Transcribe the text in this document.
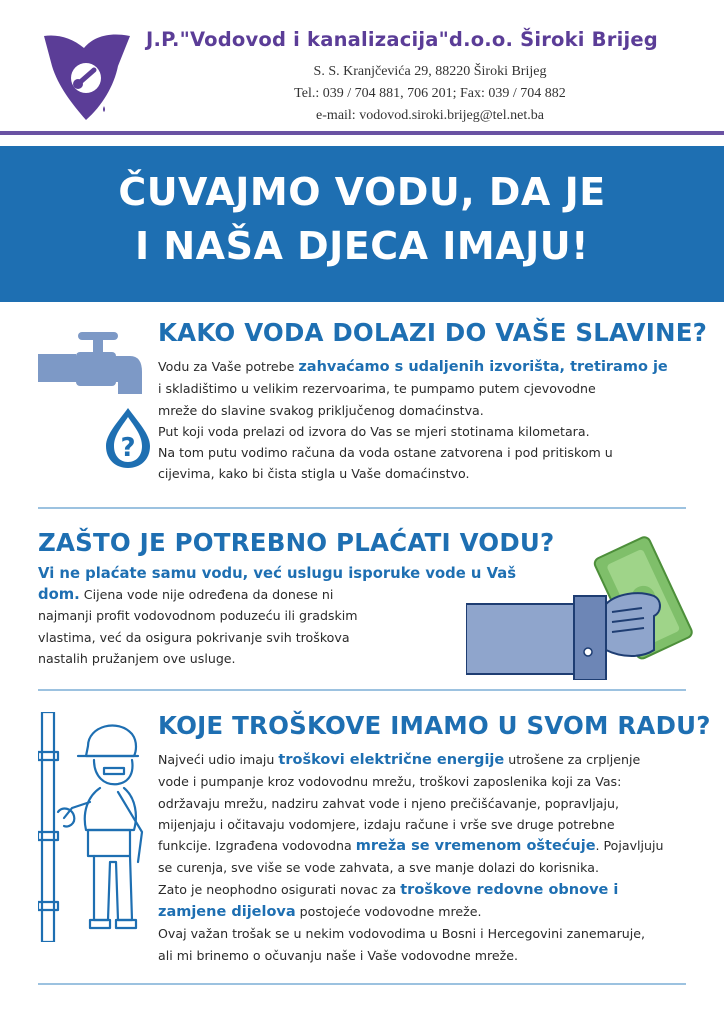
J.P."Vodovod i kanalizacija"d.o.o. Široki Brijeg
S. S. Kranjčevića 29, 88220 Široki Brijeg
Tel.: 039 / 704 881, 706 201; Fax: 039 / 704 882
e-mail: vodovod.siroki.brijeg@tel.net.ba
ČUVAJMO VODU, DA JE
I NAŠA DJECA IMAJU!
?
KAKO VODA DOLAZI DO VAŠE SLAVINE?
Vodu za Vaše potrebe zahvaćamo s udaljenih izvorišta, tretiramo je
i skladištimo u velikim rezervoarima, te pumpamo putem cjevovodne
mreže do slavine svakog priključenog domaćinstva.
Put koji voda prelazi od izvora do Vas se mjeri stotinama kilometara.
Na tom putu vodimo računa da voda ostane zatvorena i pod pritiskom u
cijevima, kako bi čista stigla u Vaše domaćinstvo.
ZAŠTO JE POTREBNO PLAĆATI VODU?
Vi ne plaćate samu vodu, već uslugu isporuke vode u Vaš
dom. Cijena vode nije određena da donese ni
najmanji profit vodovodnom poduzeću ili gradskim
vlastima, već da osigura pokrivanje svih troškova
nastalih pružanjem ove usluge.
KOJE TROŠKOVE IMAMO U SVOM RADU?
Najveći udio imaju troškovi električne energije utrošene za crpljenje
vode i pumpanje kroz vodovodnu mrežu, troškovi zaposlenika koji za Vas:
održavaju mrežu, nadziru zahvat vode i njeno prečišćavanje, popravljaju,
mijenjaju i očitavaju vodomjere, izdaju račune i vrše sve druge potrebne
funkcije. Izgrađena vodovodna mreža se vremenom oštećuje. Pojavljuju
se curenja, sve više se vode zahvata, a sve manje dolazi do korisnika.
Zato je neophodno osigurati novac za troškove redovne obnove i
zamjene dijelova postojeće vodovodne mreže.
Ovaj važan trošak se u nekim vodovodima u Bosni i Hercegovini zanemaruje,
ali mi brinemo o očuvanju naše i Vaše vodovodne mreže.
